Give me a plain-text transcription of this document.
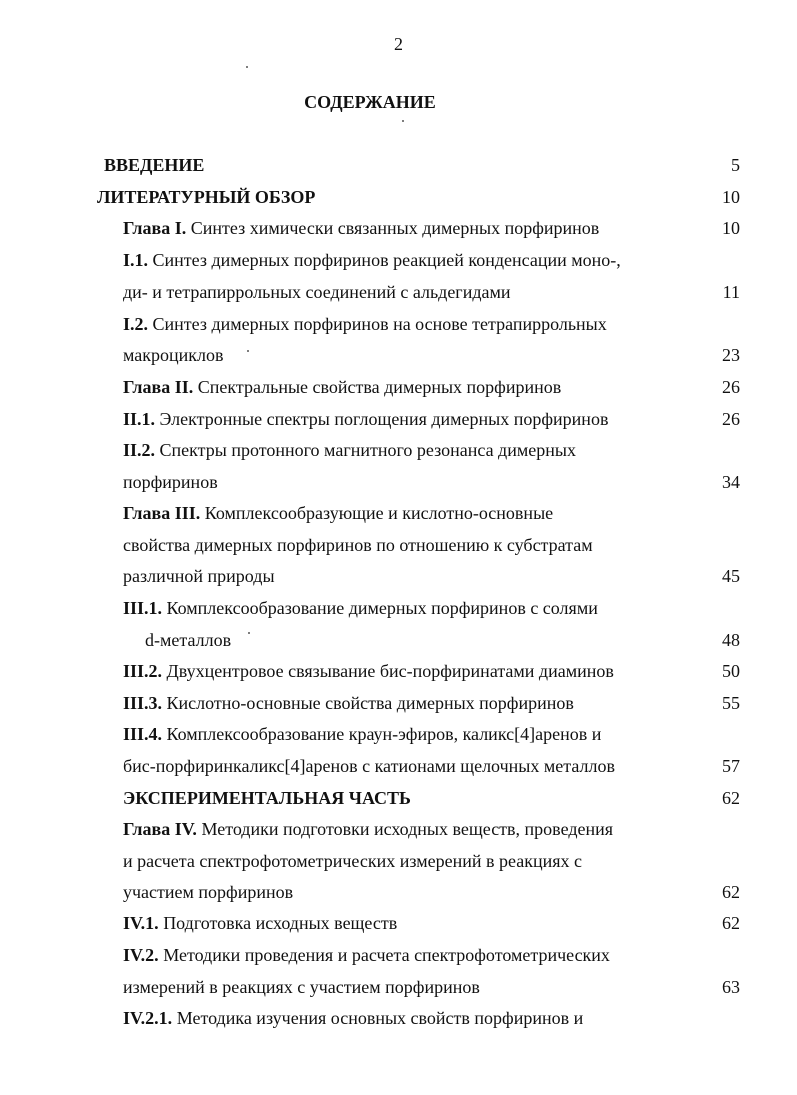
2
СОДЕРЖАНИЕ
ВВЕДЕНИЕ	5
ЛИТЕРАТУРНЫЙ ОБЗОР	10
Глава I. Синтез химически связанных димерных порфиринов	10
I.1. Синтез димерных порфиринов реакцией конденсации моно-,
ди- и тетрапиррольных соединений с альдегидами	11
I.2. Синтез димерных порфиринов на основе тетрапиррольных
макроциклов	23
Глава II. Спектральные свойства димерных порфиринов	26
II.1. Электронные спектры поглощения димерных порфиринов	26
II.2. Спектры протонного магнитного резонанса димерных
порфиринов	34
Глава III. Комплексообразующие и кислотно-основные
свойства димерных порфиринов по отношению к субстратам
различной природы	45
III.1. Комплексообразование димерных порфиринов с солями
d-металлов	48
III.2. Двухцентровое связывание бис-порфиринатами диаминов	50
III.3. Кислотно-основные свойства димерных порфиринов	55
III.4. Комплексообразование краун-эфиров, каликс[4]аренов и
бис-порфиринкаликс[4]аренов с катионами щелочных металлов	57
ЭКСПЕРИМЕНТАЛЬНАЯ ЧАСТЬ	62
Глава IV. Методики подготовки исходных веществ, проведения
и расчета спектрофотометрических измерений в реакциях с
участием порфиринов	62
IV.1. Подготовка исходных веществ	62
IV.2. Методики проведения и расчета спектрофотометрических
измерений в реакциях с участием порфиринов	63
IV.2.1. Методика изучения основных свойств порфиринов и
